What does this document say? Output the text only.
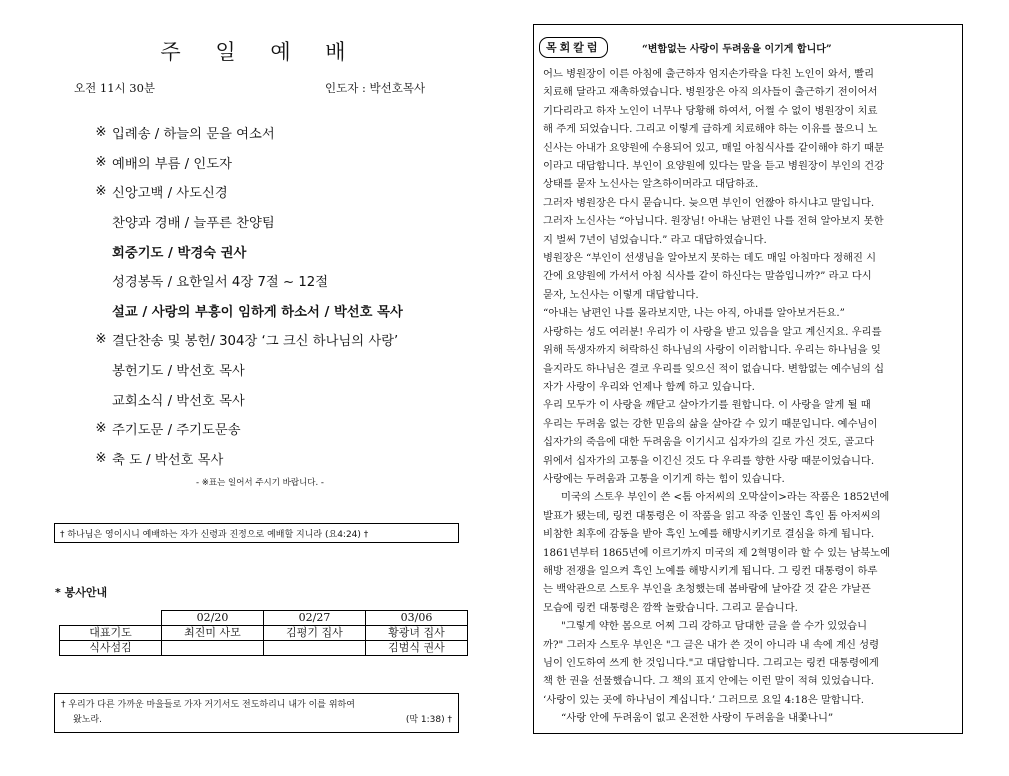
주 일 예 배
오전 11시 30분	인도자 : 박선호목사
※ 입례송 / 하늘의 문을 여소서
※ 예배의 부름 / 인도자
※ 신앙고백 / 사도신경
찬양과 경배 / 늘푸른 찬양팀
회중기도 / 박경숙 권사
성경봉독 / 요한일서 4장 7절 ~ 12절
설교 / 사랑의 부흥이 임하게 하소서 / 박선호 목사
※ 결단찬송 및 봉헌/ 304장 ‘그 크신 하나님의 사랑’
봉헌기도 / 박선호 목사
교회소식 / 박선호 목사
※ 주기도문 / 주기도문송
※ 축 도 / 박선호 목사
- ※표는 일어서 주시기 바랍니다. -
† 하나님은 영이시니 예배하는 자가 신령과 진정으로 예배할 지니라 (요4:24) †
* 봉사안내
	02/20	02/27	03/06
대표기도	최진미 사모	김평기 집사	황광녀 집사
식사섬김			김범식 권사
† 우리가 다른 가까운 마을들로 가자 거기서도 전도하리니 내가 이를 위하여
왔노라.	(막 1:38) †
목회칼럼	“변함없는 사랑이 두려움을 이기게 합니다”

어느 병원장이 이른 아침에 출근하자 엄지손가락을 다친 노인이 와서, 빨리

치료해 달라고 재촉하였습니다. 병원장은 아직 의사들이 출근하기 전이어서

기다리라고 하자 노인이 너무나 당황해 하여서, 어쩔 수 없이 병원장이 치료

해 주게 되었습니다. 그리고 이렇게 급하게 치료해야 하는 이유를 물으니 노

신사는 아내가 요양원에 수용되어 있고, 매일 아침식사를 같이해야 하기 때문

이라고 대답합니다. 부인이 요양원에 있다는 말을 듣고 병원장이 부인의 건강

상태를 묻자 노신사는 알츠하이머라고 대답하죠.

그러자 병원장은 다시 묻습니다. 늦으면 부인이 언짢아 하시냐고 말입니다.

그러자 노신사는 “아닙니다. 원장님! 아내는 남편인 나를 전혀 알아보지 못한

지 벌써 7년이 넘었습니다.” 라고 대답하였습니다.

병원장은 “부인이 선생님을 알아보지 못하는 데도 매일 아침마다 정해진 시

간에 요양원에 가서서 아침 식사를 같이 하신다는 말씀입니까?” 라고 다시

묻자, 노신사는 이렇게 대답합니다.

“아내는 남편인 나를 몰라보지만, 나는 아직, 아내를 알아보거든요.”

사랑하는 성도 여러분! 우리가 이 사랑을 받고 있음을 알고 계신지요. 우리를

위해 독생자까지 허락하신 하나님의 사랑이 이러합니다. 우리는 하나님을 잊

을지라도 하나님은 결코 우리를 잊으신 적이 없습니다. 변함없는 예수님의 십

자가 사랑이 우리와 언제나 함께 하고 있습니다.

우리 모두가 이 사랑을 깨닫고 살아가기를 원합니다. 이 사랑을 알게 될 때

우리는 두려움 없는 강한 믿음의 삶을 살아갈 수 있기 때문입니다. 예수님이

십자가의 죽음에 대한 두려움을 이기시고 십자가의 길로 가신 것도, 골고다

위에서 십자가의 고통을 이긴신 것도 다 우리를 향한 사랑 때문이었습니다.

사랑에는 두려움과 고통을 이기게 하는 힘이 있습니다.

미국의 스토우 부인이 쓴 <톰 아저씨의 오막살이>라는 작품은 1852년에

발표가 됐는데, 링컨 대통령은 이 작품을 읽고 작중 인물인 흑인 톰 아저씨의

비참한 최후에 감동을 받아 흑인 노예를 해방시키기로 결심을 하게 됩니다.

1861년부터 1865년에 이르기까지 미국의 제 2혁명이라 할 수 있는 남북노예

해방 전쟁을 일으켜 흑인 노예를 해방시키게 됩니다. 그 링컨 대통령이 하루

는 백악관으로 스토우 부인을 초청했는데 봄바람에 날아갈 것 같은 갸날픈

모습에 링컨 대통령은 깜짝 놀랐습니다. 그리고 묻습니다.

"그렇게 약한 몸으로 어찌 그리 강하고 담대한 글을 쓸 수가 있었습니

까?" 그러자 스토우 부인은 "그 글은 내가 쓴 것이 아니라 내 속에 계신 성령

님이 인도하여 쓰게 한 것입니다."고 대답합니다. 그리고는 링컨 대통령에게

책 한 권을 선물했습니다. 그 책의 표지 안에는 이런 말이 적혀 있었습니다.

‘사랑이 있는 곳에 하나님이 계십니다.’ 그러므로 요일 4:18은 말합니다.

“사랑 안에 두려움이 없고 온전한 사랑이 두려움을 내쫓나니”
